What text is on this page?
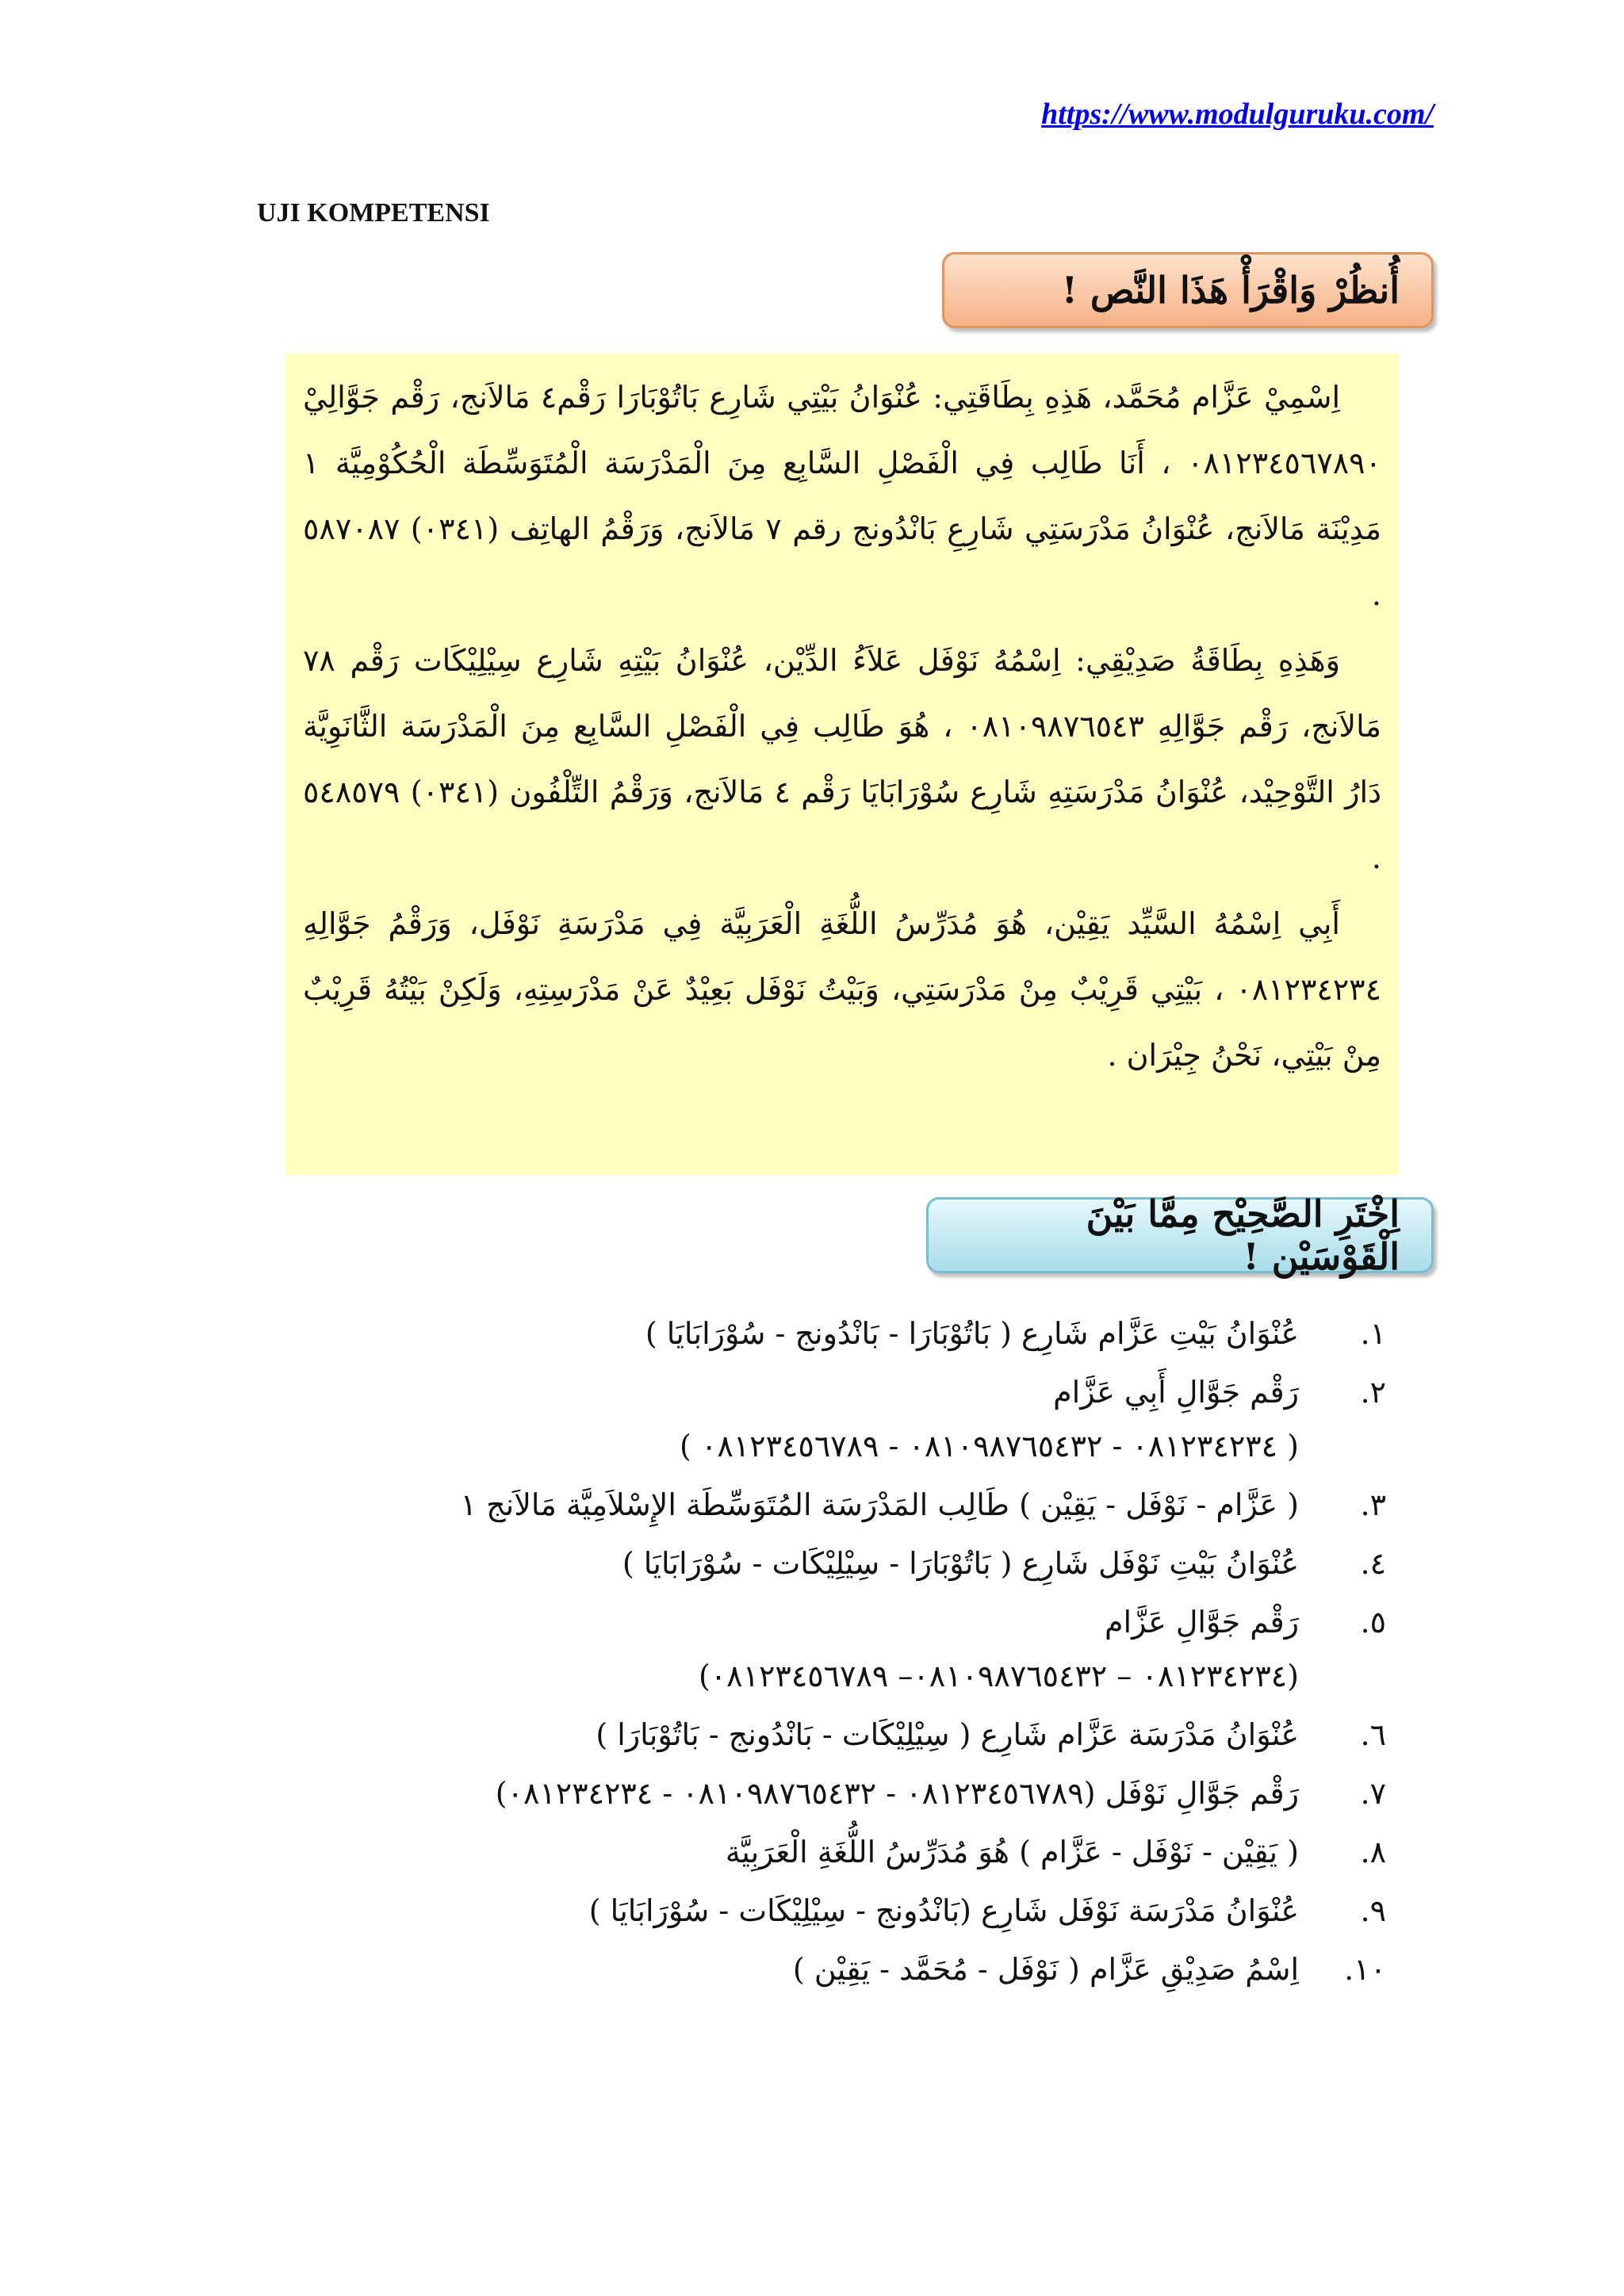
https://www.modulguruku.com/
UJI KOMPETENSI
أُنظُرْ وَاقْرَأْ هَذَا النَّص !

اِسْمِيْ عَزَّام مُحَمَّد، هَذِهِ بِطَاقَتِي: عُنْوَانُ بَيْتِي شَارِع بَاتُوْبَارَا رَقْم٤ مَالاَنج، رَقْم جَوَّالِيْ ٠٨١٢٣٤٥٦٧٨٩٠ ، أَنَا طَالِب فِي الْفَصْلِ السَّابِع مِنَ الْمَدْرَسَة الْمُتَوَسِّطَة الْحُكُوْمِيَّة ١ مَدِيْنَة مَالاَنج، عُنْوَانُ مَدْرَسَتِي شَارِعِ بَانْدُونج رقم ٧ مَالاَنج، وَرَقْمُ الهاتِف (٠٣٤١) ٥٨٧٠٨٧ .

وَهَذِهِ بِطَاقَةُ صَدِيْقِي: اِسْمُهُ نَوْفَل عَلاَءُ الدِّيْن، عُنْوَانُ بَيْتِهِ شَارِع سِيْلِيْكَات رَقْم ٧٨ مَالاَنج، رَقْم جَوَّالِهِ ٠٨١٠٩٨٧٦٥٤٣ ، هُوَ طَالِب فِي الْفَصْلِ السَّابِع مِنَ الْمَدْرَسَة الثَّانَوِيَّة دَارُ التَّوْحِيْد، عُنْوَانُ مَدْرَسَتِهِ شَارِع سُوْرَابَايَا رَقْم ٤ مَالاَنج، وَرَقْمُ التِّلْفُون (٠٣٤١) ٥٤٨٥٧٩ .

أَبِي اِسْمُهُ السَّيِّد يَقِيْن، هُوَ مُدَرِّسُ اللُّغَةِ الْعَرَبِيَّة فِي مَدْرَسَةِ نَوْفَل، وَرَقْمُ جَوَّالِهِ ٠٨١٢٣٤٢٣٤ ، بَيْتِي قَرِيْبٌ مِنْ مَدْرَسَتِي، وَبَيْتُ نَوْفَل بَعِيْدٌ عَنْ مَدْرَسِتِهِ، وَلَكِنْ بَيْتُهُ قَرِيْبٌ مِنْ بَيْتِي، نَحْنُ جِيْرَان .

اِخْتَرِ الصَّحِيْح مِمَّا بَيْنَ الْقَوْسَيْن !
١.
عُنْوَانُ بَيْتِ عَزَّام شَارِع ( بَاتُوْبَارَا - بَانْدُونج - سُوْرَابَايَا )
٢.
رَقْم جَوَّالِ أَبِي عَزَّام
( ٠٨١٢٣٤٢٣٤ - ٠٨١٠٩٨٧٦٥٤٣٢ - ٠٨١٢٣٤٥٦٧٨٩ )
٣.
( عَزَّام - نَوْفَل - يَقِيْن ) طَالِب المَدْرَسَة المُتَوَسِّطَة الإِسْلاَمِيَّة مَالاَنج ١
٤.
عُنْوَانُ بَيْتِ نَوْفَل شَارِع ( بَاتُوْبَارَا - سِيْلِيْكَات - سُوْرَابَايَا )
٥.
رَقْم جَوَّالِ عَزَّام
(٠٨١٢٣٤٢٣٤ – ٠٨١٠٩٨٧٦٥٤٣٢– ٠٨١٢٣٤٥٦٧٨٩)
٦.
عُنْوَانُ مَدْرَسَة عَزَّام شَارِع ( سِيْلِيْكَات - بَانْدُونج - بَاتُوْبَارَا )
٧.
رَقْم جَوَّالِ نَوْفَل (٠٨١٢٣٤٥٦٧٨٩ - ٠٨١٠٩٨٧٦٥٤٣٢ - ٠٨١٢٣٤٢٣٤)
٨.
( يَقِيْن - نَوْفَل - عَزَّام ) هُوَ مُدَرِّسُ اللُّغَةِ الْعَرَبِيَّة
٩.
عُنْوَانُ مَدْرَسَة نَوْفَل شَارِع (بَانْدُونج - سِيْلِيْكَات - سُوْرَابَايَا )
١٠.
اِسْمُ صَدِيْقِ عَزَّام ( نَوْفَل - مُحَمَّد - يَقِيْن )
